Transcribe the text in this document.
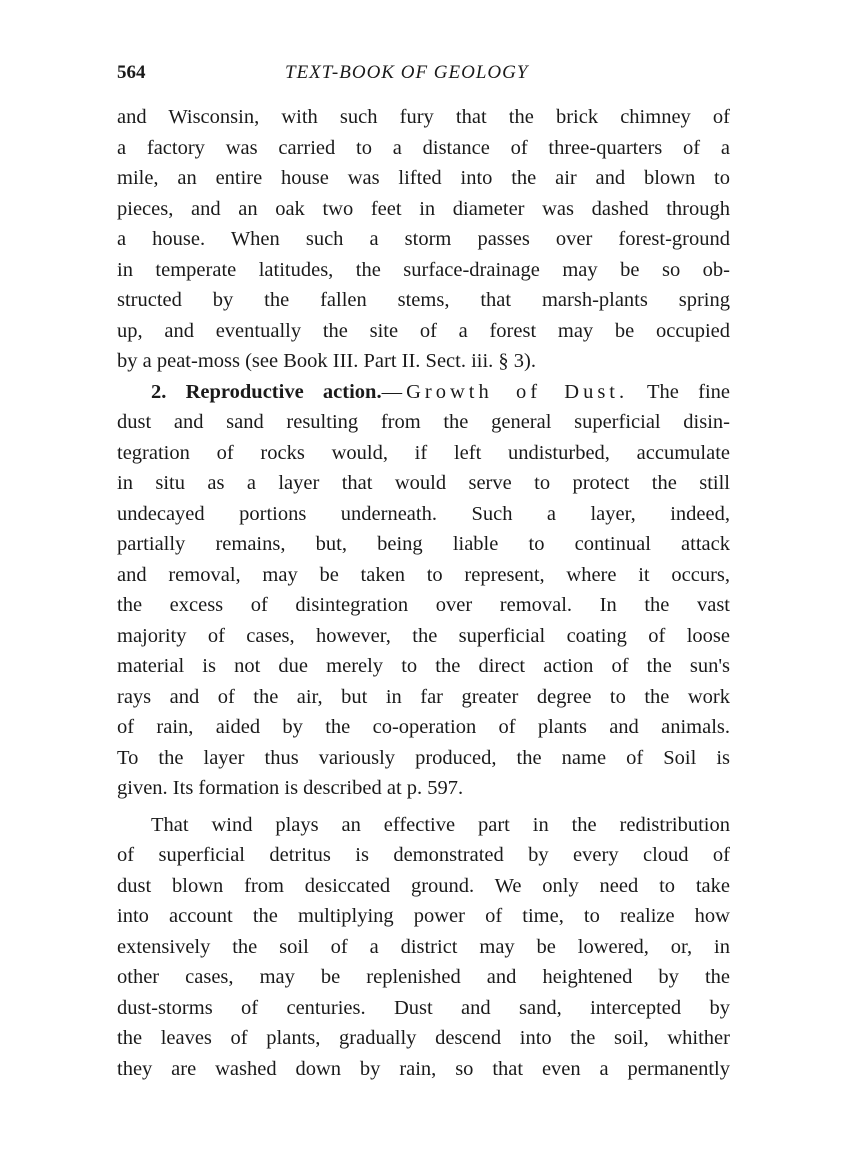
564	TEXT-BOOK OF GEOLOGY
and Wisconsin, with such fury that the brick chimney of
a factory was carried to a distance of three-quarters of a
mile, an entire house was lifted into the air and blown to
pieces, and an oak two feet in diameter was dashed through
a house. When such a storm passes over forest-ground
in temperate latitudes, the surface-drainage may be so ob-
structed by the fallen stems, that marsh-plants spring
up, and eventually the site of a forest may be occupied
by a peat-moss (see Book III. Part II. Sect. iii. § 3).
2. Reproductive action.—Growth of Dust. The fine
dust and sand resulting from the general superficial disin-
tegration of rocks would, if left undisturbed, accumulate
in situ as a layer that would serve to protect the still
undecayed portions underneath. Such a layer, indeed,
partially remains, but, being liable to continual attack
and removal, may be taken to represent, where it occurs,
the excess of disintegration over removal. In the vast
majority of cases, however, the superficial coating of loose
material is not due merely to the direct action of the sun's
rays and of the air, but in far greater degree to the work
of rain, aided by the co-operation of plants and animals.
To the layer thus variously produced, the name of Soil is
given. Its formation is described at p. 597.
That wind plays an effective part in the redistribution
of superficial detritus is demonstrated by every cloud of
dust blown from desiccated ground. We only need to take
into account the multiplying power of time, to realize how
extensively the soil of a district may be lowered, or, in
other cases, may be replenished and heightened by the
dust-storms of centuries. Dust and sand, intercepted by
the leaves of plants, gradually descend into the soil, whither
they are washed down by rain, so that even a permanently
